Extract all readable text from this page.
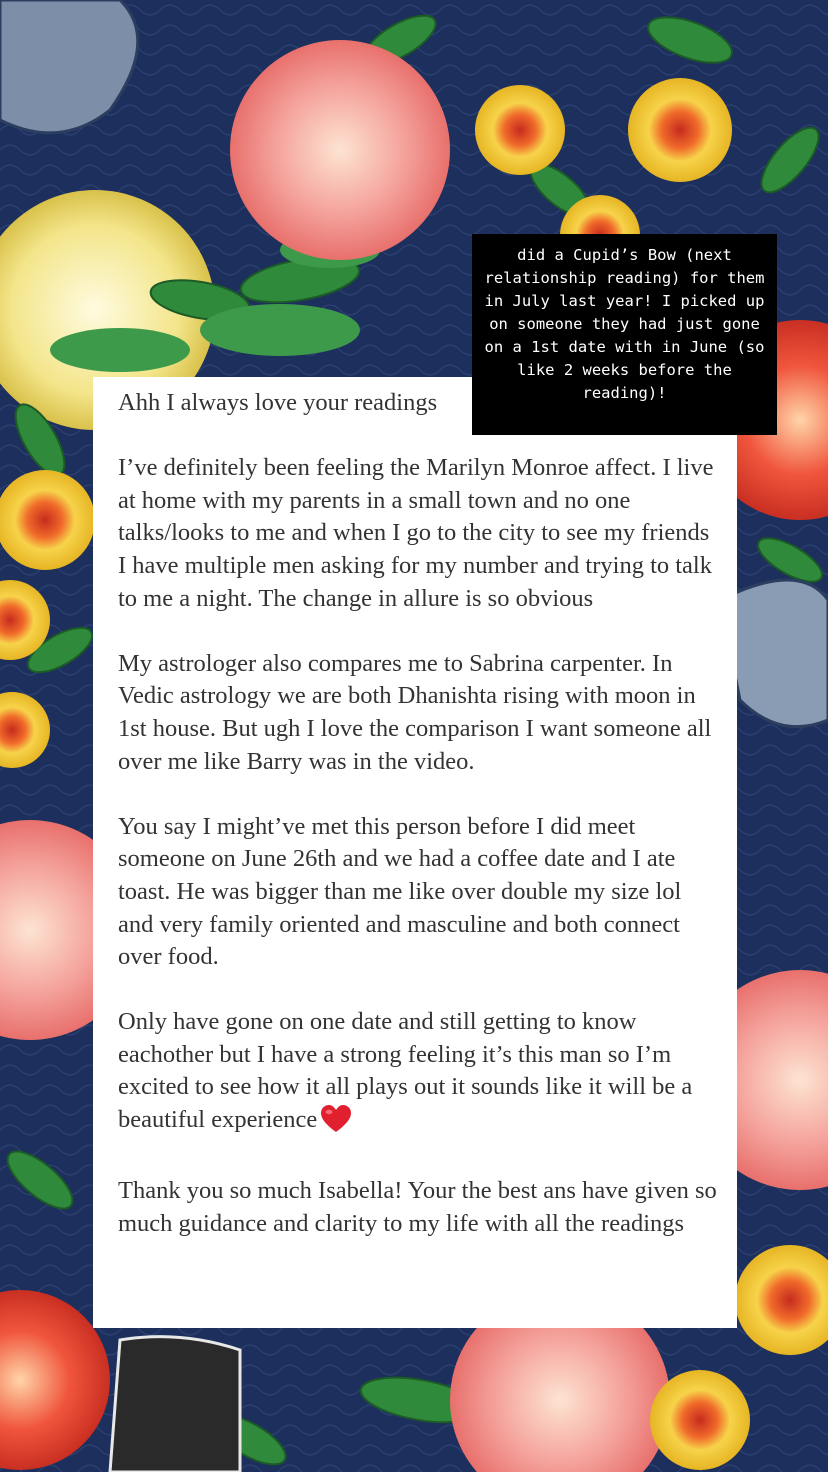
Ahh I always love your readings

I’ve definitely been feeling the Marilyn Monroe affect. I live at home with my parents in a small town and no one talks/looks to me and when I go to the city to see my friends I have multiple men asking for my number and trying to talk to me a night. The change in allure is so obvious

My astrologer also compares me to Sabrina carpenter. In Vedic astrology we are both Dhanishta rising with moon in 1st house. But ugh I love the comparison I want someone all over me like Barry was in the video.

You say I might’ve met this person before I did meet someone on June 26th and we had a coffee date and I ate toast. He was bigger than me like over double my size lol and very family oriented and masculine and both connect over food.

Only have gone on one date and still getting to know eachother but I have a strong feeling it’s this man so I’m excited to see how it all plays out it sounds like it will be a beautiful experience

Thank you so much Isabella! Your the best ans have given so much guidance and clarity to my life with all the readings

did a Cupid’s Bow (next relationship reading) for them in July last year! I picked up on someone they had just gone on a 1st date with in June (so like 2 weeks before the reading)!
